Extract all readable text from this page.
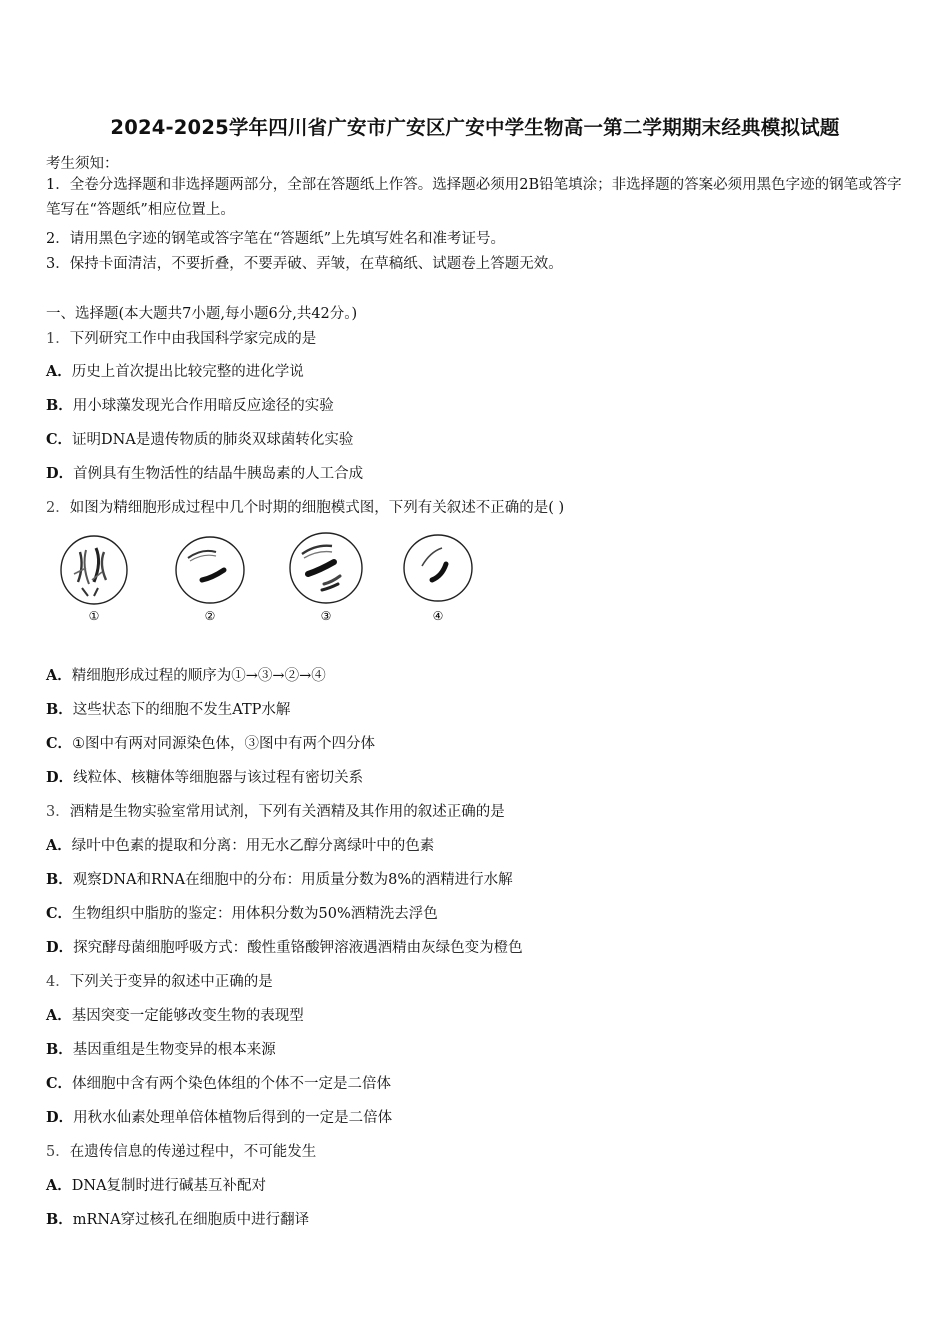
2024-2025学年四川省广安市广安区广安中学生物高一第二学期期末经典模拟试题
考生须知：
1．全卷分选择题和非选择题两部分，全部在答题纸上作答。选择题必须用2B铅笔填涂；非选择题的答案必须用黑色字迹的钢笔或答字笔写在“答题纸”相应位置上。
2．请用黑色字迹的钢笔或答字笔在“答题纸”上先填写姓名和准考证号。
3．保持卡面清洁，不要折叠，不要弄破、弄皱，在草稿纸、试题卷上答题无效。
一、选择题(本大题共7小题,每小题6分,共42分。)
1．下列研究工作中由我国科学家完成的是
A．历史上首次提出比较完整的进化学说
B．用小球藻发现光合作用暗反应途径的实验
C．证明DNA是遗传物质的肺炎双球菌转化实验
D．首例具有生物活性的结晶牛胰岛素的人工合成
2．如图为精细胞形成过程中几个时期的细胞模式图，下列有关叙述不正确的是( )
①	②	③	④
A．精细胞形成过程的顺序为①→③→②→④
B．这些状态下的细胞不发生ATP水解
C．①图中有两对同源染色体，③图中有两个四分体
D．线粒体、核糖体等细胞器与该过程有密切关系
3．酒精是生物实验室常用试剂，下列有关酒精及其作用的叙述正确的是
A．绿叶中色素的提取和分离：用无水乙醇分离绿叶中的色素
B．观察DNA和RNA在细胞中的分布：用质量分数为8%的酒精进行水解
C．生物组织中脂肪的鉴定：用体积分数为50%酒精洗去浮色
D．探究酵母菌细胞呼吸方式：酸性重铬酸钾溶液遇酒精由灰绿色变为橙色
4．下列关于变异的叙述中正确的是
A．基因突变一定能够改变生物的表现型
B．基因重组是生物变异的根本来源
C．体细胞中含有两个染色体组的个体不一定是二倍体
D．用秋水仙素处理单倍体植物后得到的一定是二倍体
5．在遗传信息的传递过程中，不可能发生
A．DNA复制时进行碱基互补配对
B．mRNA穿过核孔在细胞质中进行翻译
